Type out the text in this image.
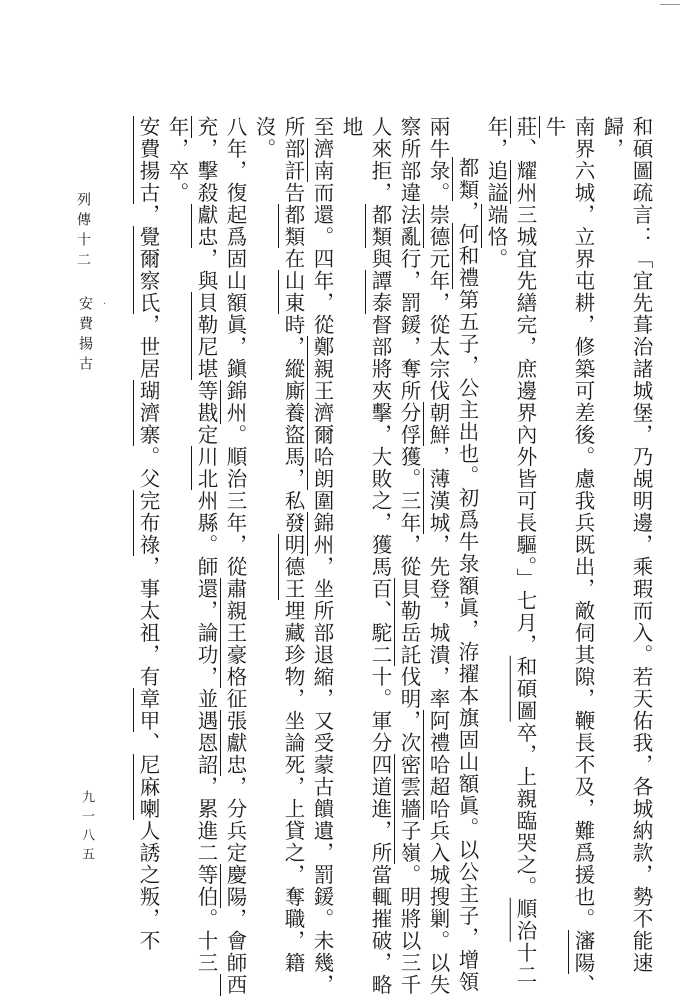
列傳十二
安費揚古 .
九一八五
和碩圖疏言：「宜先葺治諸城堡，乃覘明邊，乘瑕而入。若天佑我，各城納款，勢不能速歸，
南界六城，立界屯耕，修築可差後。慮我兵既出，敵伺其隙，鞭長不及，難爲援也。瀋陽、牛
莊、耀州三城宜先繕完，庶邊界內外皆可長驅。」七月，和碩圖卒，上親臨哭之。順治十二
年，追謚端恪。
都類，何和禮第五子，公主出也。初爲牛彔額眞，洊擢本旗固山額眞。以公主子，增領
兩牛彔。崇德元年，從太宗伐朝鮮，薄漢城，先登，城潰，率阿禮哈超哈兵入城搜剿。以失
察所部違法亂行，罰鍰，奪所分俘獲。三年，從貝勒岳託伐明，次密雲牆子嶺。明將以三千
人來拒，都類與譚泰督部將夾擊，大敗之，獲馬百、駝二十。軍分四道進，所當輒摧破，略地
至濟南而還。四年，從鄭親王濟爾哈朗圍錦州，坐所部退縮，又受蒙古饋遺，罰鍰。未幾，
所部訐告都類在山東時，縱廝養盜馬，私發明德王埋藏珍物，坐論死，上貸之，奪職，籍沒。
八年，復起爲固山額眞，鎭錦州。順治三年，從肅親王豪格征張獻忠，分兵定慶陽，會師西
充，擊殺獻忠，與貝勒尼堪等戡定川北州縣。師還，論功，並遇恩詔，累進二等伯。十三
年，卒。
安費揚古，覺爾察氏，世居瑚濟寨。父完布祿，事太祖，有章甲、尼麻喇人誘之叛，不
